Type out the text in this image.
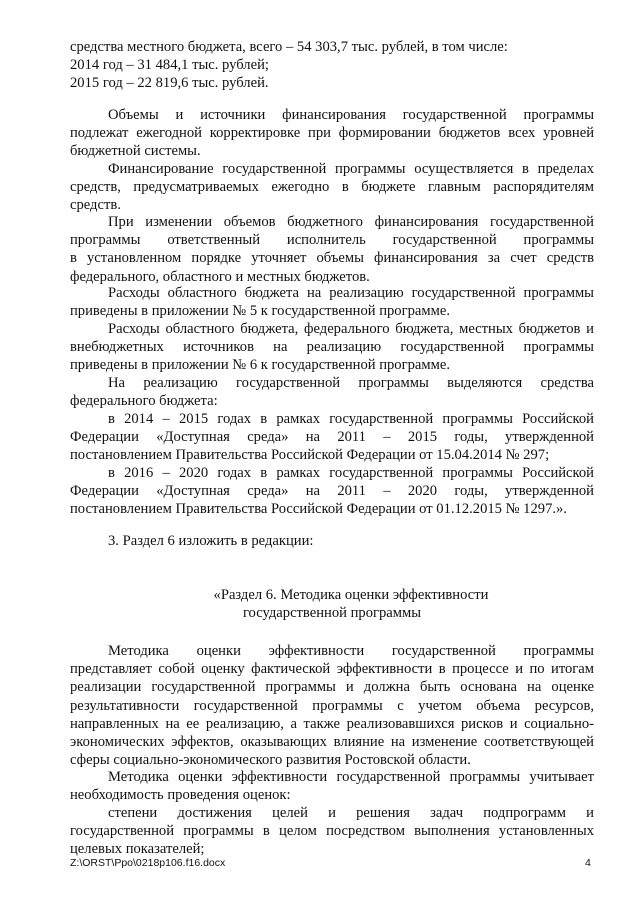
средства местного бюджета, всего – 54 303,7 тыс. рублей, в том числе:
2014 год – 31 484,1 тыс. рублей;
2015 год – 22 819,6 тыс. рублей.
Объемы и источники финансирования государственной программы
подлежат ежегодной корректировке при формировании бюджетов всех уровней
бюджетной системы.
Финансирование государственной программы осуществляется в пределах
средств, предусматриваемых ежегодно в бюджете главным распорядителям
средств.
При изменении объемов бюджетного финансирования государственной
программы ответственный исполнитель государственной программы
в установленном порядке уточняет объемы финансирования за счет средств
федерального, областного и местных бюджетов.
Расходы областного бюджета на реализацию государственной программы
приведены в приложении № 5 к государственной программе.
Расходы областного бюджета, федерального бюджета, местных бюджетов и
внебюджетных источников на реализацию государственной программы
приведены в приложении № 6 к государственной программе.
На реализацию государственной программы выделяются средства
федерального бюджета:
в 2014 – 2015 годах в рамках государственной программы Российской
Федерации «Доступная среда» на 2011 – 2015 годы, утвержденной
постановлением Правительства Российской Федерации от 15.04.2014 № 297;
в 2016 – 2020 годах в рамках государственной программы Российской
Федерации «Доступная среда» на 2011 – 2020 годы, утвержденной
постановлением Правительства Российской Федерации от 01.12.2015 № 1297.».
3. Раздел 6 изложить в редакции:
«Раздел 6. Методика оценки эффективности
государственной программы
Методика оценки эффективности государственной программы
представляет собой оценку фактической эффективности в процессе и по итогам
реализации государственной программы и должна быть основана на оценке
результативности государственной программы с учетом объема ресурсов,
направленных на ее реализацию, а также реализовавшихся рисков и социально-
экономических эффектов, оказывающих влияние на изменение соответствующей
сферы социально-экономического развития Ростовской области.
Методика оценки эффективности государственной программы учитывает
необходимость проведения оценок:
степени достижения целей и решения задач подпрограмм и
государственной программы в целом посредством выполнения установленных
целевых показателей;
Z:\ORST\Ppo\0218p106.f16.docx	4
